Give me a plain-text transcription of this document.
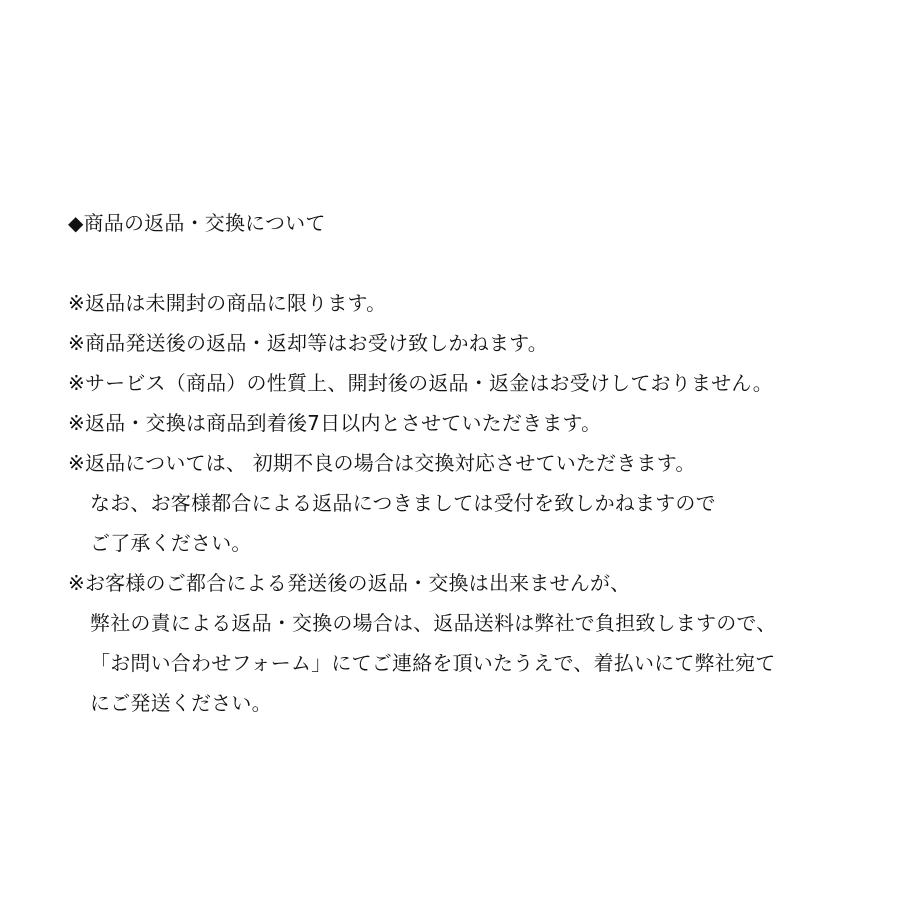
◆商品の返品・交換について
※返品は未開封の商品に限ります。
※商品発送後の返品・返却等はお受け致しかねます。
※サービス（商品）の性質上、開封後の返品・返金はお受けしておりません。
※返品・交換は商品到着後7日以内とさせていただきます。
※返品については、 初期不良の場合は交換対応させていただきます。
なお、お客様都合による返品につきましては受付を致しかねますので
ご了承ください。
※お客様のご都合による発送後の返品・交換は出来ませんが、
弊社の責による返品・交換の場合は、返品送料は弊社で負担致しますので、
「お問い合わせフォーム」にてご連絡を頂いたうえで、着払いにて弊社宛て
にご発送ください。
